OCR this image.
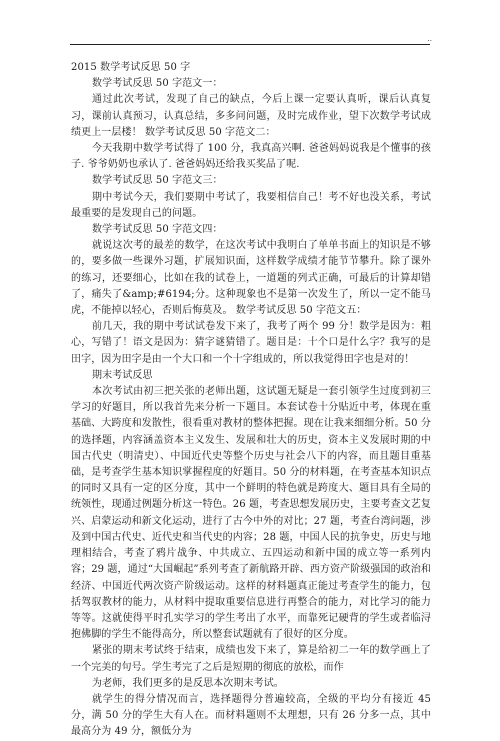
..

2015 数学考试反思 50 字

数学考试反思 50 字范文一：

通过此次考试，发现了自己的缺点，今后上课一定要认真听，课后认真复习，课前认真预习，认真总结，多多问问题，及时完成作业，望下次数学考试成绩更上一层楼！ 数学考试反思 50 字范文二：

今天我期中数学考试得了 100 分，我真高兴啊. 爸爸妈妈说我是个懂事的孩子. 爷爷奶奶也承认了. 爸爸妈妈还给我买奖品了呢.

数学考试反思 50 字范文三：

期中考试今天，我们要期中考试了，我要相信自己！考不好也没关系，考试最重要的是发现自己的问题。

数学考试反思 50 字范文四：

就说这次考的最差的数学，在这次考试中我明白了单单书面上的知识是不够的，要多做一些课外习题，扩展知识面，这样数学成绩才能节节攀升。除了课外的练习，还要细心，比如在我的试卷上，一道题的列式正确，可最后的计算却错了，痛失了&amp;#6194;分。这种现象也不是第一次发生了，所以一定不能马虎，不能掉以轻心，否则后悔莫及。 数学考试反思 50 字范文五：

前几天，我的期中考试试卷发下来了，我考了两个 99 分！数学是因为：粗心，写错了！语文是因为：猜字谜猜错了。题目是：十个口是什么字？我写的是田字，因为田字是由一个大口和一个十字组成的，所以我觉得田字也是对的！

期末考试反思

本次考试由初三把关张的老师出题，这试题无疑是一套引领学生过度到初三学习的好题目，所以我首先来分析一下题目。本套试卷十分贴近中考，体现在重基础、大跨度和发散性，很看重对教材的整体把握。现在让我来细细分析。50 分的选择题，内容涵盖资本主义发生、发展和壮大的历史，资本主义发展时期的中国古代史（明清史）、中国近代史等整个历史与社会八下的内容，而且题目重基础，是考查学生基本知识掌握程度的好题目。50 分的材料题，在考查基本知识点的同时又具有一定的区分度，其中一个鲜明的特色就是跨度大、题目具有全局的统领性，现通过例题分析这一特色。26 题，考查思想发展历史，主要考查文艺复兴、启蒙运动和新文化运动，进行了古今中外的对比；27 题，考查台湾问题，涉及到中国古代史、近代史和当代史的内容；28 题，中国人民的抗争史，历史与地理相结合，考查了鸦片战争、中共成立、五四运动和新中国的成立等一系列内容；29 题，通过“大国崛起”系列考查了新航路开辟、西方资产阶级强国的政治和经济、中国近代两次资产阶级运动。这样的材料题真正能过考查学生的能力，包括驾驭教材的能力，从材料中提取重要信息进行再整合的能力，对比学习的能力等等。这就使得平时孔实学习的学生考出了水平，而靠死记硬背的学生或者临浔抱佛脚的学生不能得高分，所以整套试题就有了很好的区分度。

紧张的期末考试终于结束，成绩也发下来了，算是给初二一年的数学画上了一个完美的句号。学生考完了之后是短期的彻底的放松，而作

为老师，我们更多的是反思本次期末考试。

就学生的得分情况而言，选择题得分普遍较高，全级的平均分有接近 45 分，满 50 分的学生大有人在。而材料题则不太理想，只有 26 分多一点，其中最高分为 49 分，额低分为
